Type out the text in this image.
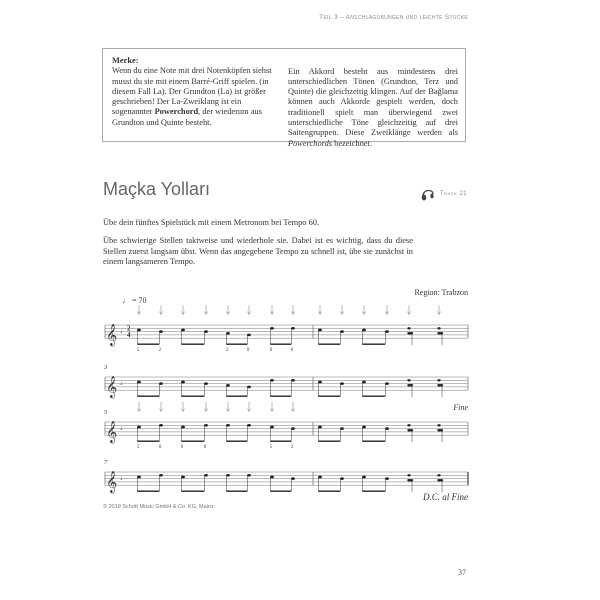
Teil 3 – Anschlagübungen und leichte Stücke
Merke:
Wenn du eine Note mit drei Notenköpfen siehst musst du sie mit einem Barré-Griff spielen. (in diesem Fall La). Der Grundton (La) ist größer geschrieben! Der La-Zweiklang ist ein sogenannter Powerchord, der wiederum aus Grundton und Quinte besteht.
Ein Akkord besteht aus mindestens drei unterschiedlichen Tönen (Grundton, Terz und Quinte) die gleichzeitig klingen. Auf der Bağlama können auch Akkorde gespielt werden, doch traditionell spielt man überwiegend zwei unterschiedliche Töne gleichzeitig auf drei Saitengruppen. Diese Zweiklänge werden als Powerchords bezeichnet.
Maçka Yolları	Track 21
Übe dein fünftes Spielstück mit einem Metronom bei Tempo 60.
Übe schwierige Stellen taktweise und wiederhole sie. Dabei ist es wichtig, dass du diese Stellen zuerst langsam übst. Wenn das angegebene Tempo zu schnell ist, übe sie zunächst in einem langsameren Tempo.
♩ = 70
Region: Trabzon
𝄞 ♩ 2
4
5	2	3	0	0	0
𝄞 ♩
3
Fine
𝄞 ♩
5
5	0	0	0	5	2
𝄞 ♩
7
D.C. al Fine
© 2019 Schott Music GmbH & Co. KG, Mainz
37
